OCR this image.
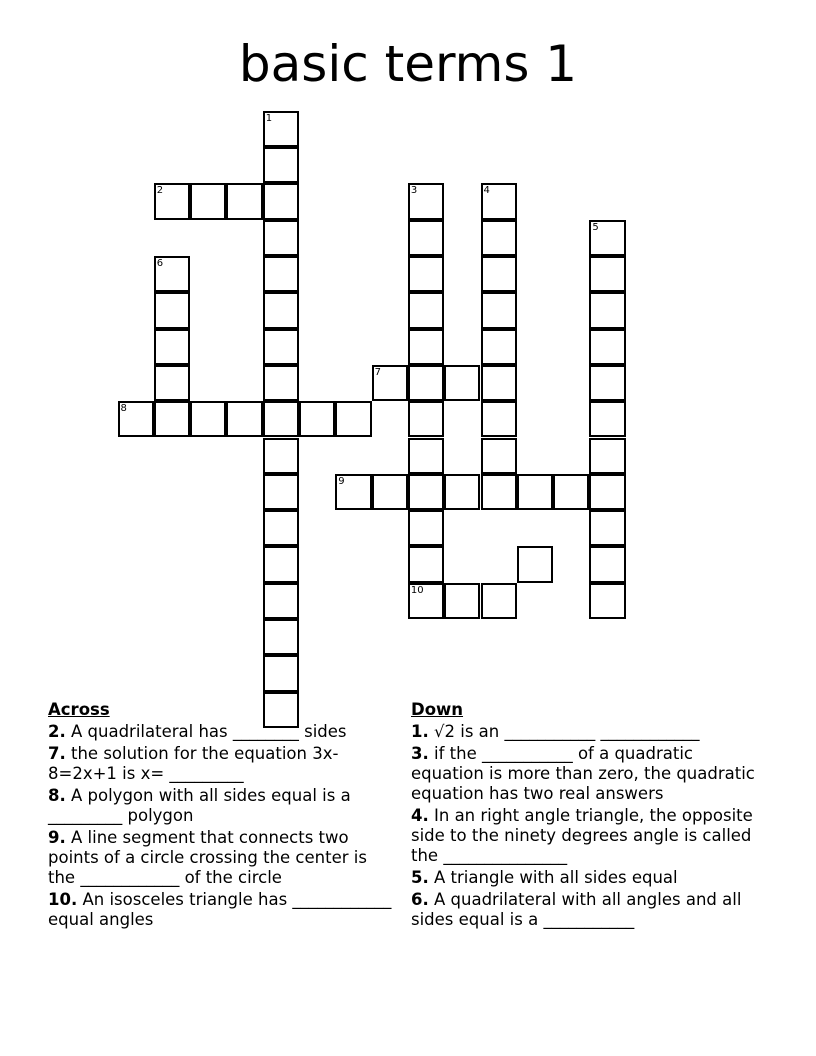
basic terms 1
1
2	3	4
5
6
7
8
9
10
Across
2. A quadrilateral has ________ sides
7. the solution for the equation 3x-8=2x+1 is x= _________
8. A polygon with all sides equal is a _________ polygon
9. A line segment that connects two points of a circle crossing the center is the ____________ of the circle
10. An isosceles triangle has ____________ equal angles
Down
1. √2 is an ___________ ____________
3. if the ___________ of a quadratic equation is more than zero, the quadratic equation has two real answers
4. In an right angle triangle, the opposite side to the ninety degrees angle is called the _______________
5. A triangle with all sides equal
6. A quadrilateral with all angles and all sides equal is a ___________
